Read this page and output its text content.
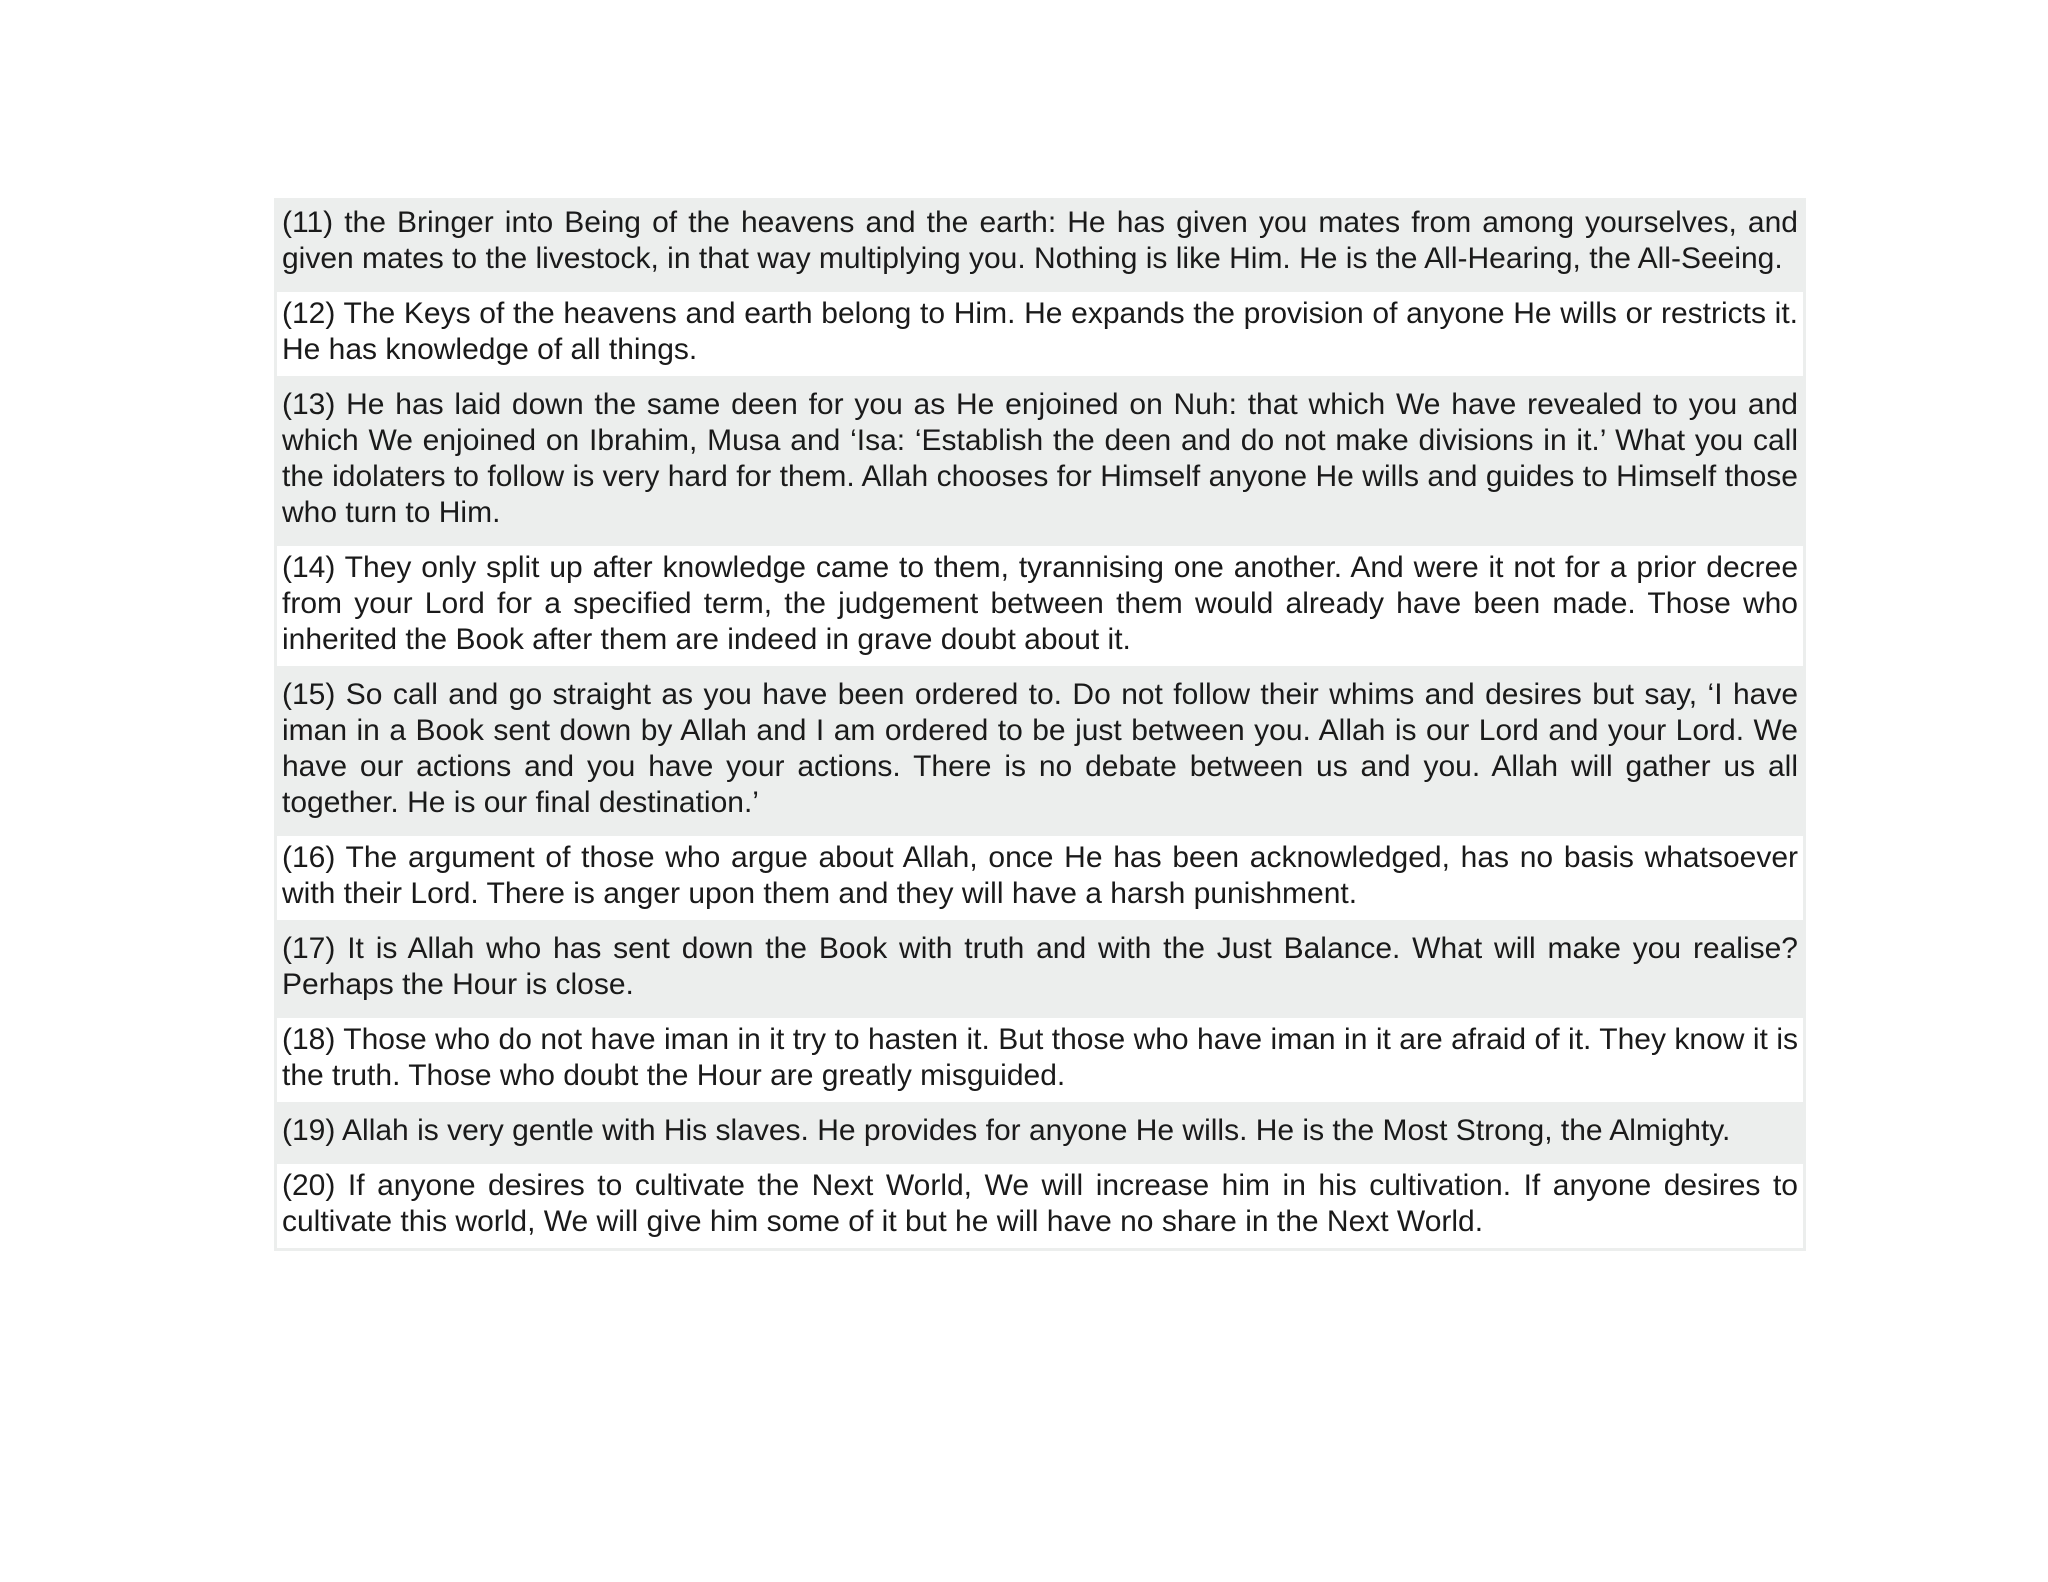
(11) the Bringer into Being of the heavens and the earth: He has given you mates from among yourselves, and given mates to the livestock, in that way multiplying you. Nothing is like Him. He is the All-Hearing, the All-Seeing.

(12) The Keys of the heavens and earth belong to Him. He expands the provision of anyone He wills or restricts it. He has knowledge of all things.

(13) He has laid down the same deen for you as He enjoined on Nuh: that which We have revealed to you and which We enjoined on Ibrahim, Musa and ‘Isa: ‘Establish the deen and do not make divisions in it.’ What you call the idolaters to follow is very hard for them. Allah chooses for Himself anyone He wills and guides to Himself those who turn to Him.

(14) They only split up after knowledge came to them, tyrannising one another. And were it not for a prior decree from your Lord for a specified term, the judgement between them would already have been made. Those who inherited the Book after them are indeed in grave doubt about it.

(15) So call and go straight as you have been ordered to. Do not follow their whims and desires but say, ‘I have iman in a Book sent down by Allah and I am ordered to be just between you. Allah is our Lord and your Lord. We have our actions and you have your actions. There is no debate between us and you. Allah will gather us all together. He is our final destination.’

(16) The argument of those who argue about Allah, once He has been acknowledged, has no basis whatsoever with their Lord. There is anger upon them and they will have a harsh punishment.

(17) It is Allah who has sent down the Book with truth and with the Just Balance. What will make you realise? Perhaps the Hour is close.

(18) Those who do not have iman in it try to hasten it. But those who have iman in it are afraid of it. They know it is the truth. Those who doubt the Hour are greatly misguided.

(19) Allah is very gentle with His slaves. He provides for anyone He wills. He is the Most Strong, the Almighty.

(20) If anyone desires to cultivate the Next World, We will increase him in his cultivation. If anyone desires to cultivate this world, We will give him some of it but he will have no share in the Next World.
